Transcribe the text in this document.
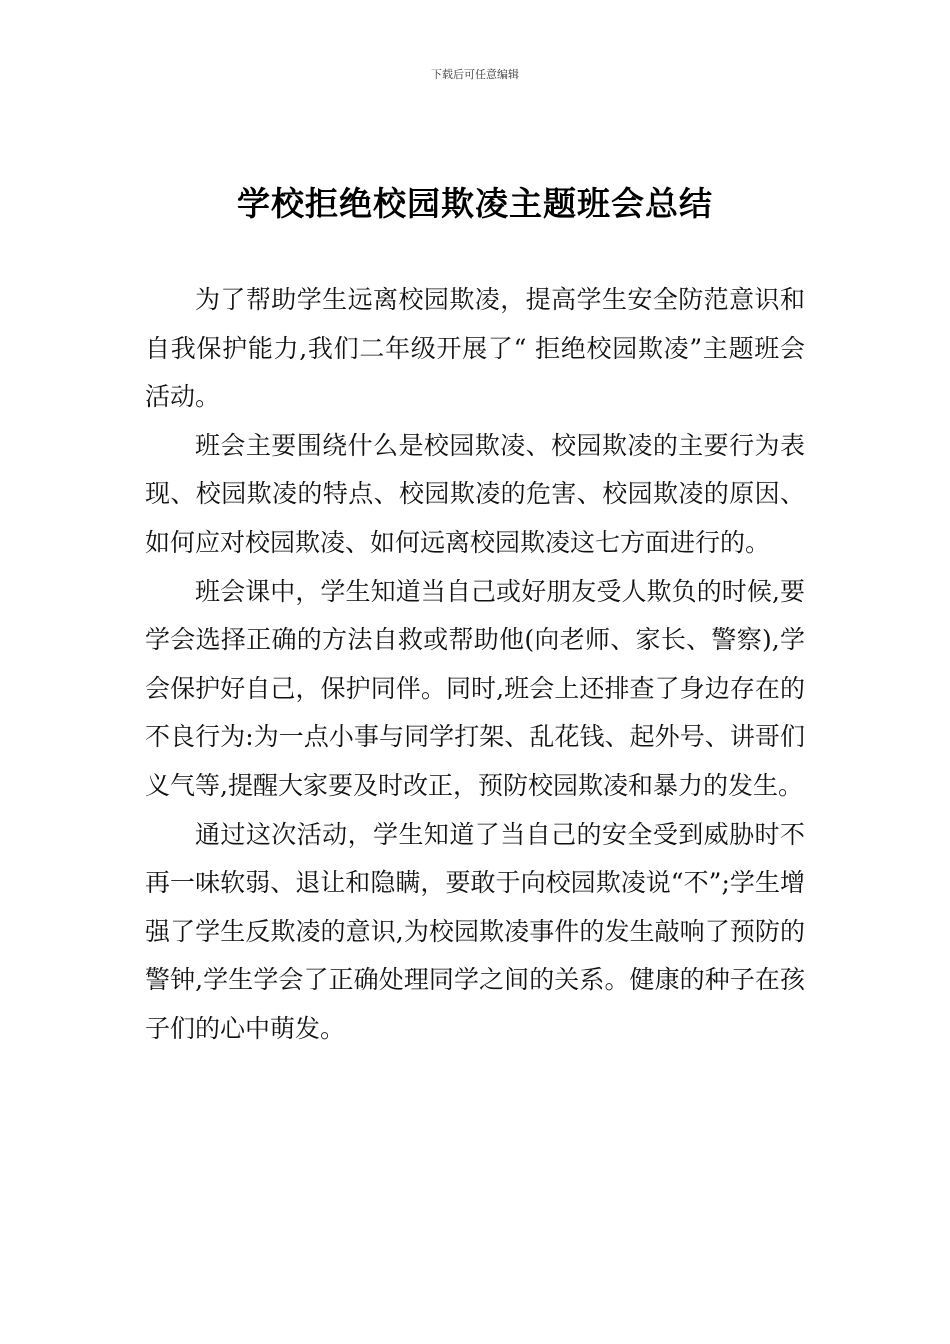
下载后可任意编辑
学校拒绝校园欺凌主题班会总结

为了帮助学生远离校园欺凌，提高学生安全防范意识和自我保护能力,我们二年级开展了“ 拒绝校园欺凌”主题班会活动。

班会主要围绕什么是校园欺凌、校园欺凌的主要行为表现、校园欺凌的特点、校园欺凌的危害、校园欺凌的原因、如何应对校园欺凌、如何远离校园欺凌这七方面进行的。

班会课中，学生知道当自己或好朋友受人欺负的时候,要学会选择正确的方法自救或帮助他(向老师、家长、警察),学会保护好自己，保护同伴。同时,班会上还排查了身边存在的不良行为:为一点小事与同学打架、乱花钱、起外号、讲哥们义气等,提醒大家要及时改正，预防校园欺凌和暴力的发生。

通过这次活动，学生知道了当自己的安全受到威胁时不再一味软弱、退让和隐瞒，要敢于向校园欺凌说“不”;学生增强了学生反欺凌的意识,为校园欺凌事件的发生敲响了预防的警钟,学生学会了正确处理同学之间的关系。健康的种子在孩子们的心中萌发。
